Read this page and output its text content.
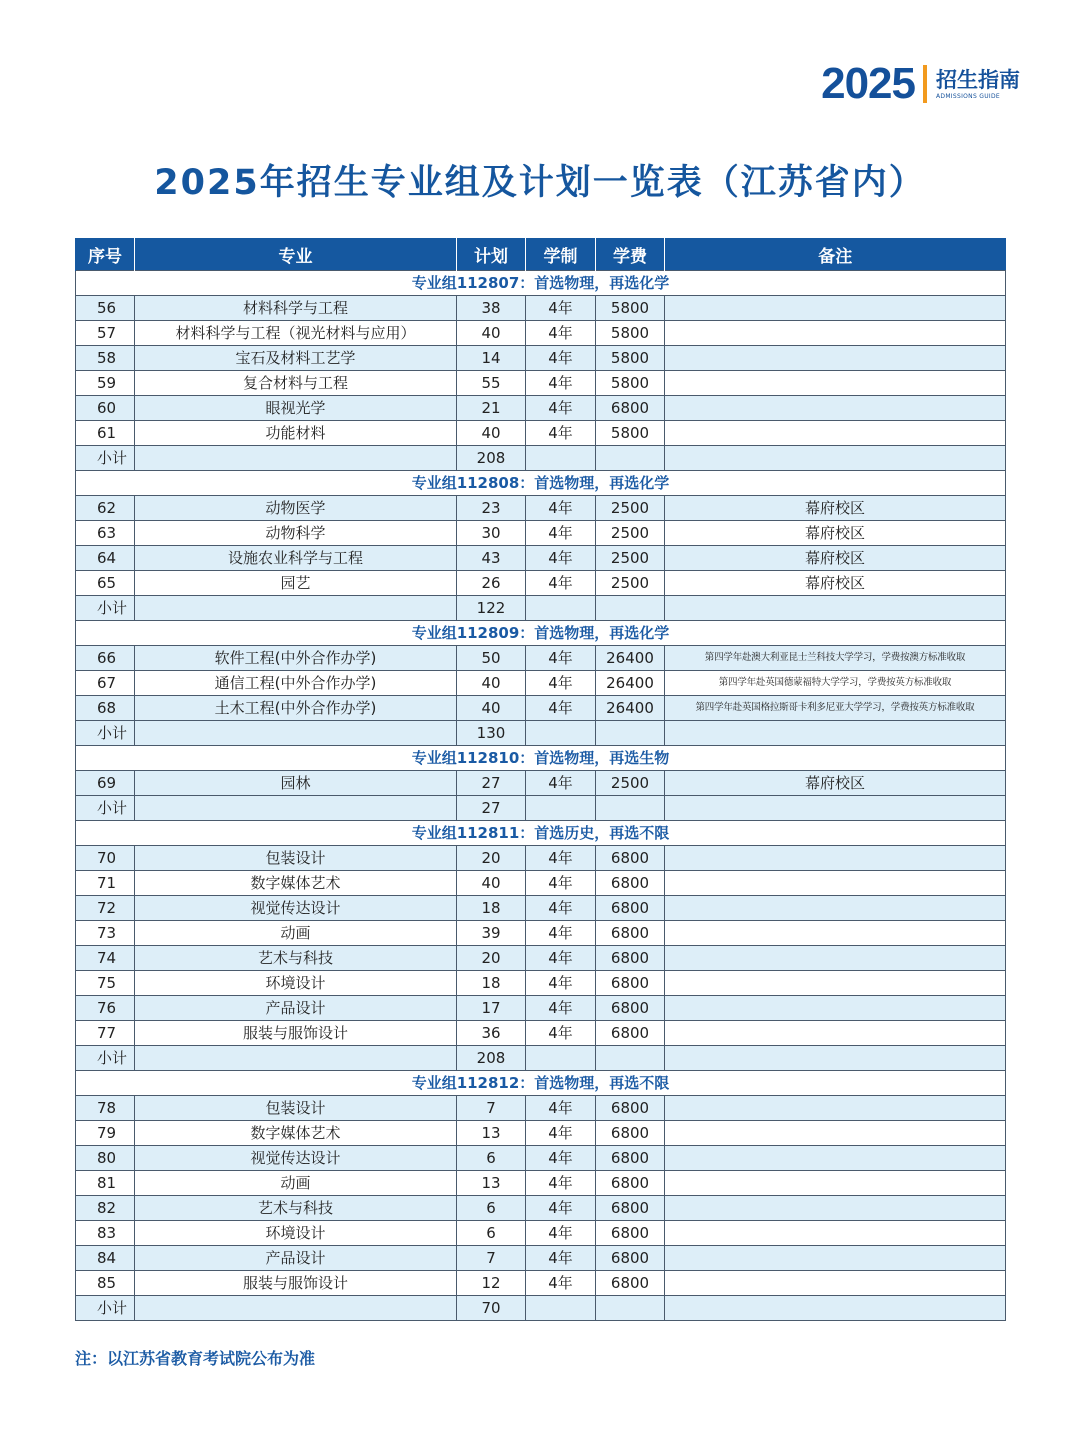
2025 招生指南
ADMISSIONS GUIDE
2025年招生专业组及计划一览表（江苏省内）
序号	专业	计划	学制	学费	备注
专业组112807：首选物理，再选化学					
56	材料科学与工程	38	4年	5800	
57	材料科学与工程（视光材料与应用）	40	4年	5800	
58	宝石及材料工艺学	14	4年	5800	
59	复合材料与工程	55	4年	5800	
60	眼视光学	21	4年	6800	
61	功能材料	40	4年	5800	
小计		208			
专业组112808：首选物理，再选化学					
62	动物医学	23	4年	2500	幕府校区
63	动物科学	30	4年	2500	幕府校区
64	设施农业科学与工程	43	4年	2500	幕府校区
65	园艺	26	4年	2500	幕府校区
小计		122			
专业组112809：首选物理，再选化学					
66	软件工程(中外合作办学)	50	4年	26400	第四学年赴澳大利亚昆士兰科技大学学习，学费按澳方标准收取
67	通信工程(中外合作办学)	40	4年	26400	第四学年赴英国德蒙福特大学学习，学费按英方标准收取
68	土木工程(中外合作办学)	40	4年	26400	第四学年赴英国格拉斯哥卡利多尼亚大学学习，学费按英方标准收取
小计		130			
专业组112810：首选物理，再选生物					
69	园林	27	4年	2500	幕府校区
小计		27			
专业组112811：首选历史，再选不限					
70	包装设计	20	4年	6800	
71	数字媒体艺术	40	4年	6800	
72	视觉传达设计	18	4年	6800	
73	动画	39	4年	6800	
74	艺术与科技	20	4年	6800	
75	环境设计	18	4年	6800	
76	产品设计	17	4年	6800	
77	服装与服饰设计	36	4年	6800	
小计		208			
专业组112812：首选物理，再选不限					
78	包装设计	7	4年	6800	
79	数字媒体艺术	13	4年	6800	
80	视觉传达设计	6	4年	6800	
81	动画	13	4年	6800	
82	艺术与科技	6	4年	6800	
83	环境设计	6	4年	6800	
84	产品设计	7	4年	6800	
85	服装与服饰设计	12	4年	6800	
小计		70			
注：以江苏省教育考试院公布为准
